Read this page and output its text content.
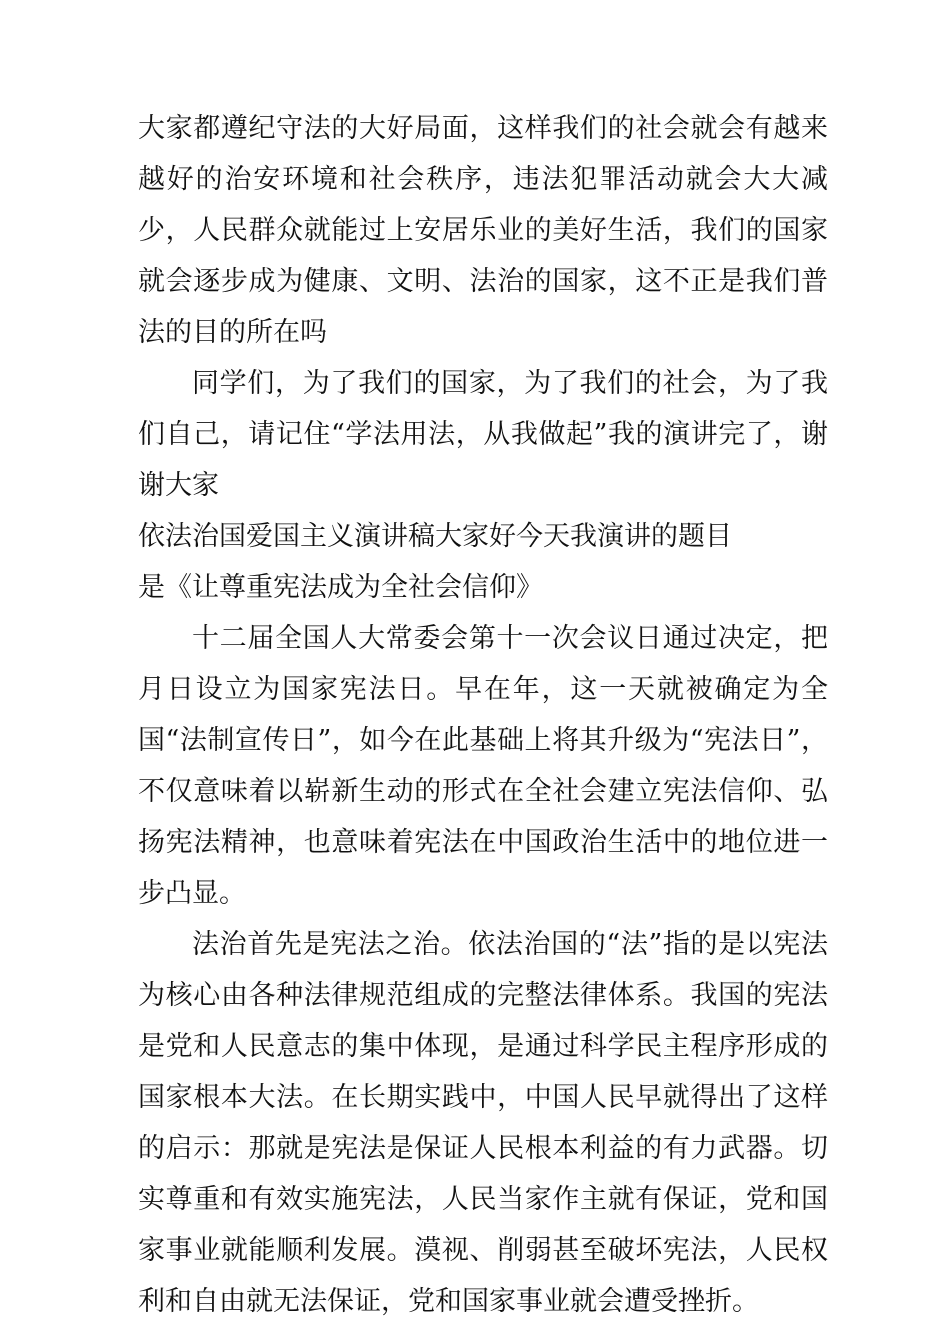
大家都遵纪守法的大好局面，这样我们的社会就会有越来越好的治安环境和社会秩序，违法犯罪活动就会大大减少，人民群众就能过上安居乐业的美好生活，我们的国家就会逐步成为健康、文明、法治的国家，这不正是我们普法的目的所在吗

同学们，为了我们的国家，为了我们的社会，为了我们自己，请记住“学法用法，从我做起”我的演讲完了，谢谢大家

依法治国爱国主义演讲稿大家好今天我演讲的题目
是《让尊重宪法成为全社会信仰》

十二届全国人大常委会第十一次会议日通过决定，把月日设立为国家宪法日。早在年，这一天就被确定为全国“法制宣传日”，如今在此基础上将其升级为“宪法日”，不仅意味着以崭新生动的形式在全社会建立宪法信仰、弘扬宪法精神，也意味着宪法在中国政治生活中的地位进一步凸显。

法治首先是宪法之治。依法治国的“法”指的是以宪法为核心由各种法律规范组成的完整法律体系。我国的宪法是党和人民意志的集中体现，是通过科学民主程序形成的国家根本大法。在长期实践中，中国人民早就得出了这样的启示：那就是宪法是保证人民根本利益的有力武器。切实尊重和有效实施宪法，人民当家作主就有保证，党和国家事业就能顺利发展。漠视、削弱甚至破坏宪法，人民权利和自由就无法保证，党和国家事业就会遭受挫折。
